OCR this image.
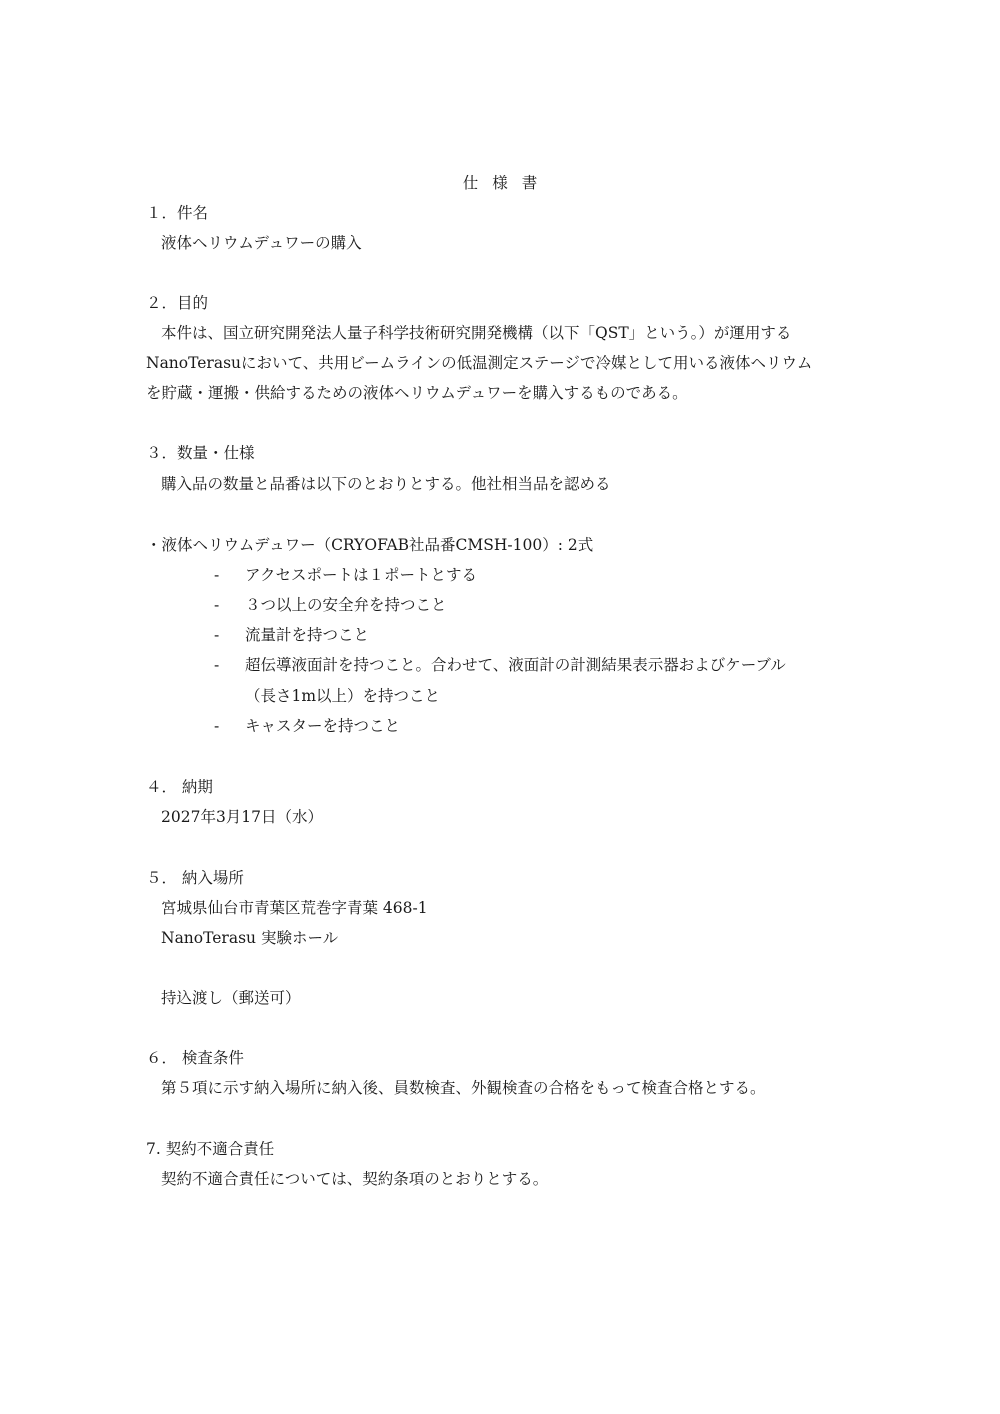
仕様書
１．件名
液体ヘリウムデュワーの購入
２．目的
本件は、国立研究開発法人量子科学技術研究開発機構（以下「QST」という。）が運用する
NanoTerasuにおいて、共用ビームラインの低温測定ステージで冷媒として用いる液体ヘリウム
を貯蔵・運搬・供給するための液体ヘリウムデュワーを購入するものである。
３．数量・仕様
購入品の数量と品番は以下のとおりとする。他社相当品を認める
・液体ヘリウムデュワー（CRYOFAB社品番CMSH-100）: 2式
- アクセスポートは１ポートとする
- ３つ以上の安全弁を持つこと
- 流量計を持つこと
- 超伝導液面計を持つこと。合わせて、液面計の計測結果表示器およびケーブル
（長さ1m以上）を持つこと
- キャスターを持つこと
４． 納期
2027年3月17日（水）
５． 納入場所
宮城県仙台市青葉区荒巻字青葉 468-1
NanoTerasu 実験ホール
持込渡し（郵送可）
６． 検査条件
第５項に示す納入場所に納入後、員数検査、外観検査の合格をもって検査合格とする。
7. 契約不適合責任
契約不適合責任については、契約条項のとおりとする。
